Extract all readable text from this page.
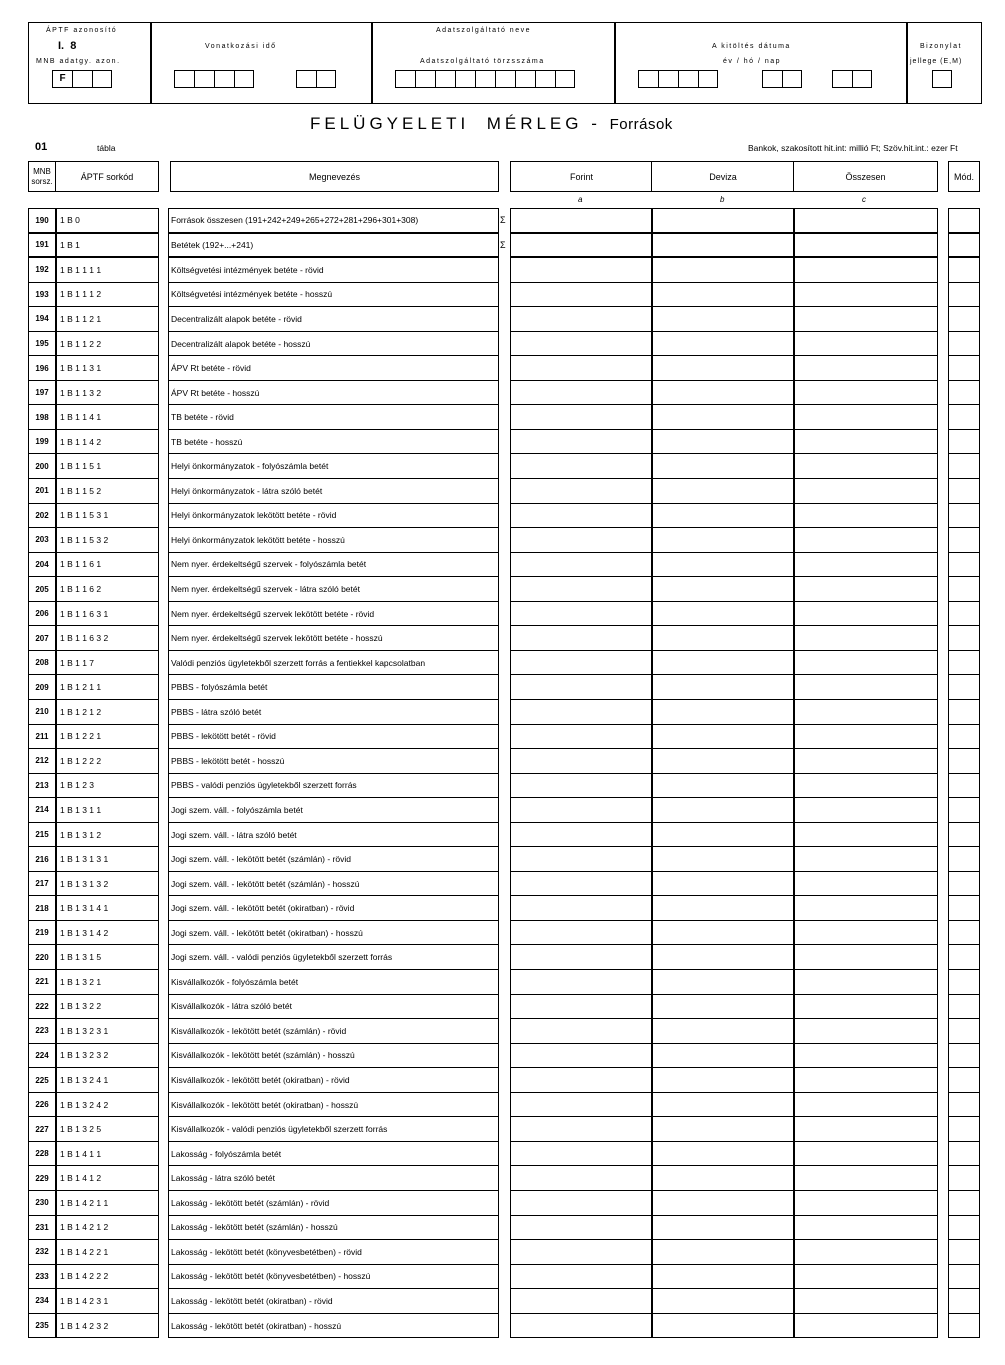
ÁPTF azonosító
I.  8
MNB adatgy. azon.
F
Vonatkozási idő
Adatszolgáltató neve
Adatszolgáltató törzsszáma
A kitöltés dátuma
év / hó / nap
Bizonylat
jellege (E,M)
FELÜGYELETI  MÉRLEG - Források
01	tábla	Bankok, szakosított hit.int: millió Ft; Szöv.hit.int.: ezer Ft
MNB sorsz.	ÁPTF sorkód	Megnevezés	Forint	Deviza	Összesen	Mód.
a	b	c
190	1 B 0	Források összesen (191+242+249+265+272+281+296+301+308)	Σ
191	1 B 1	Betétek (192+...+241)	Σ
192	1 B 1 1 1 1	Költségvetési intézmények betéte - rövid
193	1 B 1 1 1 2	Költségvetési intézmények betéte - hosszú
194	1 B 1 1 2 1	Decentralizált alapok betéte - rövid
195	1 B 1 1 2 2	Decentralizált alapok betéte - hosszú
196	1 B 1 1 3 1	ÁPV Rt betéte - rövid
197	1 B 1 1 3 2	ÁPV Rt betéte - hosszú
198	1 B 1 1 4 1	TB betéte - rövid
199	1 B 1 1 4 2	TB betéte - hosszú
200	1 B 1 1 5 1	Helyi önkormányzatok - folyószámla betét
201	1 B 1 1 5 2	Helyi önkormányzatok - látra szóló betét
202	1 B 1 1 5 3 1	Helyi önkormányzatok lekötött betéte - rövid
203	1 B 1 1 5 3 2	Helyi önkormányzatok lekötött betéte - hosszú
204	1 B 1 1 6 1	Nem nyer. érdekeltségű szervek - folyószámla betét
205	1 B 1 1 6 2	Nem nyer. érdekeltségű szervek - látra szóló betét
206	1 B 1 1 6 3 1	Nem nyer. érdekeltségű szervek lekötött betéte - rövid
207	1 B 1 1 6 3 2	Nem nyer. érdekeltségű szervek lekötött betéte - hosszú
208	1 B 1 1 7	Valódi penziós ügyletekből szerzett forrás a fentiekkel kapcsolatban
209	1 B 1 2 1 1	PBBS - folyószámla betét
210	1 B 1 2 1 2	PBBS - látra szóló betét
211	1 B 1 2 2 1	PBBS - lekötött betét - rövid
212	1 B 1 2 2 2	PBBS - lekötött betét - hosszú
213	1 B 1 2 3	PBBS - valódi penziós ügyletekből szerzett forrás
214	1 B 1 3 1 1	Jogi szem. váll. - folyószámla betét
215	1 B 1 3 1 2	Jogi szem. váll. - látra szóló betét
216	1 B 1 3 1 3 1	Jogi szem. váll. - lekötött betét (számlán) - rövid
217	1 B 1 3 1 3 2	Jogi szem. váll. - lekötött betét (számlán) - hosszú
218	1 B 1 3 1 4 1	Jogi szem. váll. - lekötött betét (okiratban) - rövid
219	1 B 1 3 1 4 2	Jogi szem. váll. - lekötött betét (okiratban) - hosszú
220	1 B 1 3 1 5	Jogi szem. váll. - valódi penziós ügyletekből szerzett forrás
221	1 B 1 3 2 1	Kisvállalkozók - folyószámla betét
222	1 B 1 3 2 2	Kisvállalkozók - látra szóló betét
223	1 B 1 3 2 3 1	Kisvállalkozók - lekötött betét (számlán) - rövid
224	1 B 1 3 2 3 2	Kisvállalkozók - lekötött betét (számlán) - hosszú
225	1 B 1 3 2 4 1	Kisvállalkozók - lekötött betét (okiratban) - rövid
226	1 B 1 3 2 4 2	Kisvállalkozók - lekötött betét (okiratban) - hosszú
227	1 B 1 3 2 5	Kisvállalkozók - valódi penziós ügyletekből szerzett forrás
228	1 B 1 4 1 1	Lakosság - folyószámla betét
229	1 B 1 4 1 2	Lakosság - látra szóló betét
230	1 B 1 4 2 1 1	Lakosság - lekötött betét (számlán) - rövid
231	1 B 1 4 2 1 2	Lakosság - lekötött betét (számlán) - hosszú
232	1 B 1 4 2 2 1	Lakosság - lekötött betét (könyvesbetétben) - rövid
233	1 B 1 4 2 2 2	Lakosság - lekötött betét (könyvesbetétben) - hosszú
234	1 B 1 4 2 3 1	Lakosság - lekötött betét (okiratban) - rövid
235	1 B 1 4 2 3 2	Lakosság - lekötött betét (okiratban) - hosszú
